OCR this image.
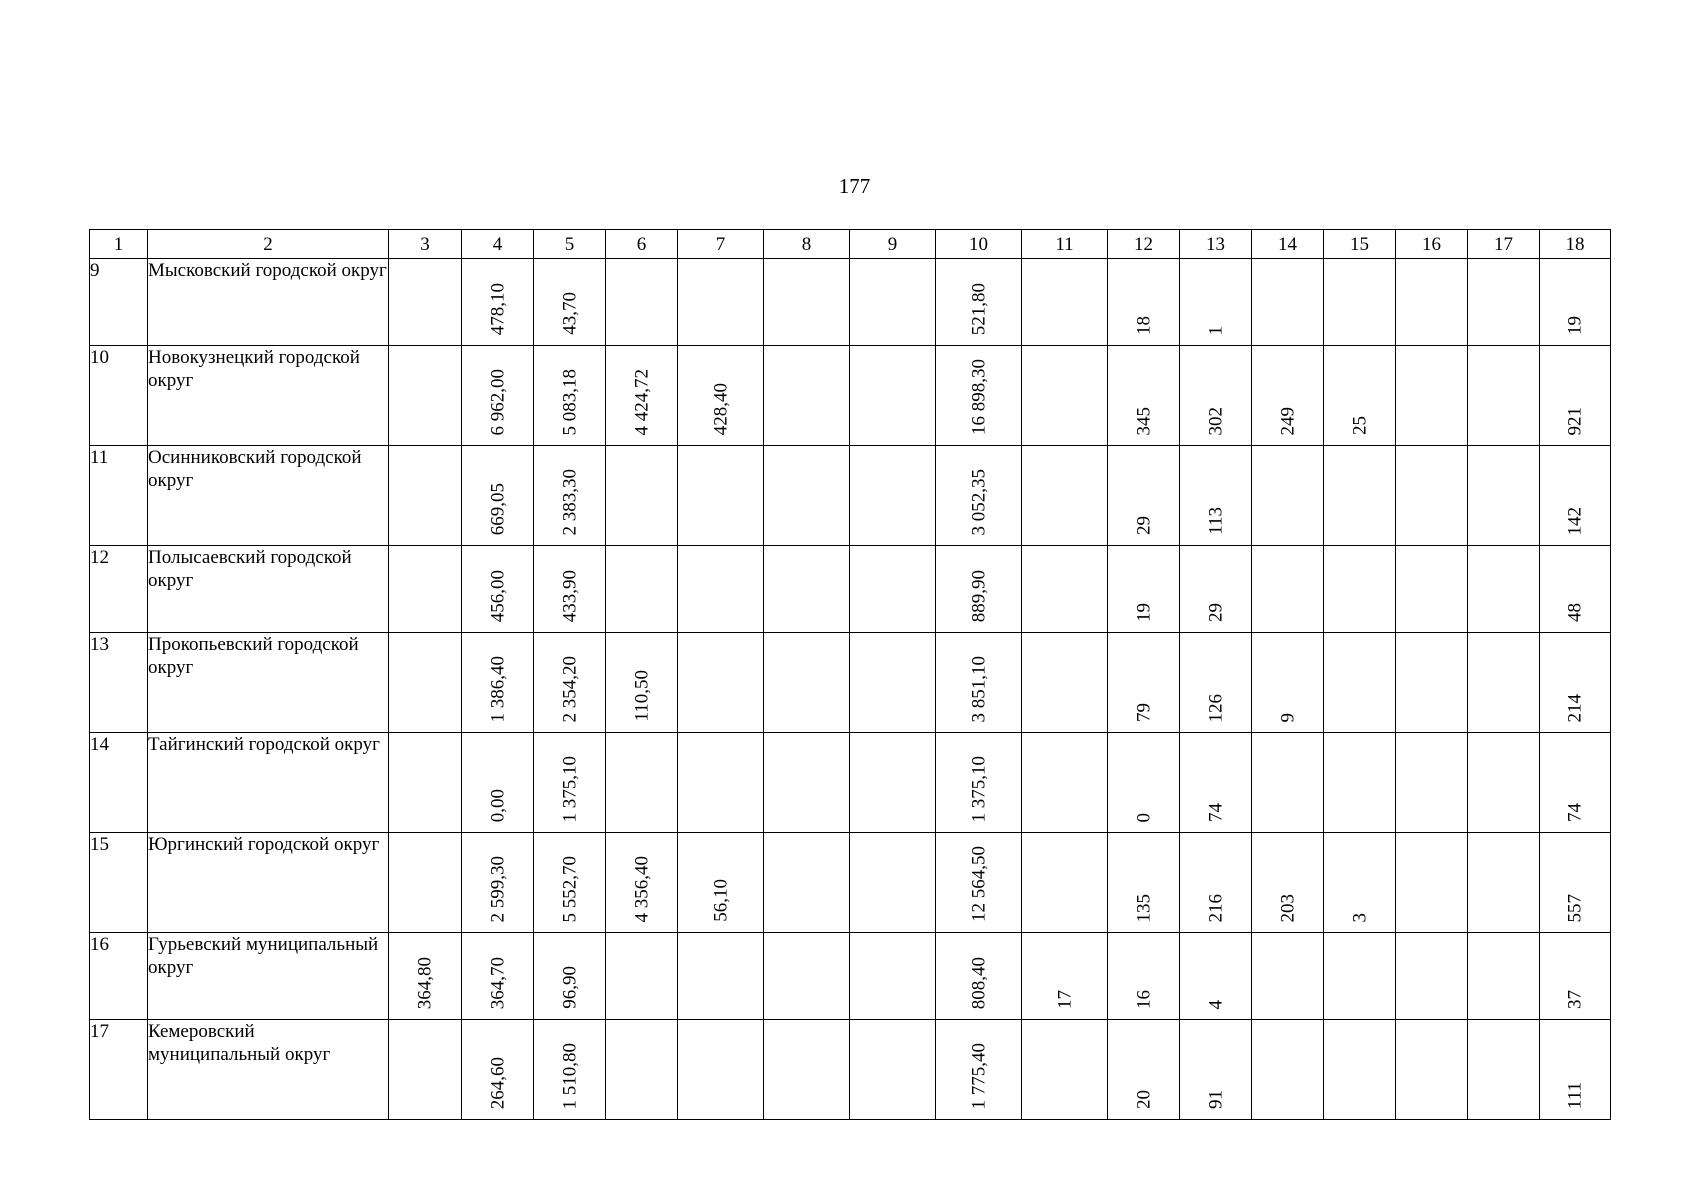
177
1	2	3	4	5	6	7	8	9	10	11	12	13	14	15	16	17	18
9	Мысковский городской округ		478,10	43,70					521,80		18	1					19

10	Новокузнецкий городской округ		6 962,00	5 083,18	4 424,72	428,40			16 898,30		345	302	249	25			921

11	Осинниковский городской округ		669,05	2 383,30					3 052,35		29	113					142

12	Полысаевский городской округ		456,00	433,90					889,90		19	29					48

13	Прокопьевский городской округ		1 386,40	2 354,20	110,50				3 851,10		79	126	9				214

14	Тайгинский городской округ		0,00	1 375,10					1 375,10		0	74					74

15	Юргинский городской округ		2 599,30	5 552,70	4 356,40	56,10			12 564,50		135	216	203	3			557

16	Гурьевский муниципальный округ	364,80	364,70	96,90					808,40	17	16	4					37

17	Кемеровский муниципальный округ		264,60	1 510,80					1 775,40		20	91					111
